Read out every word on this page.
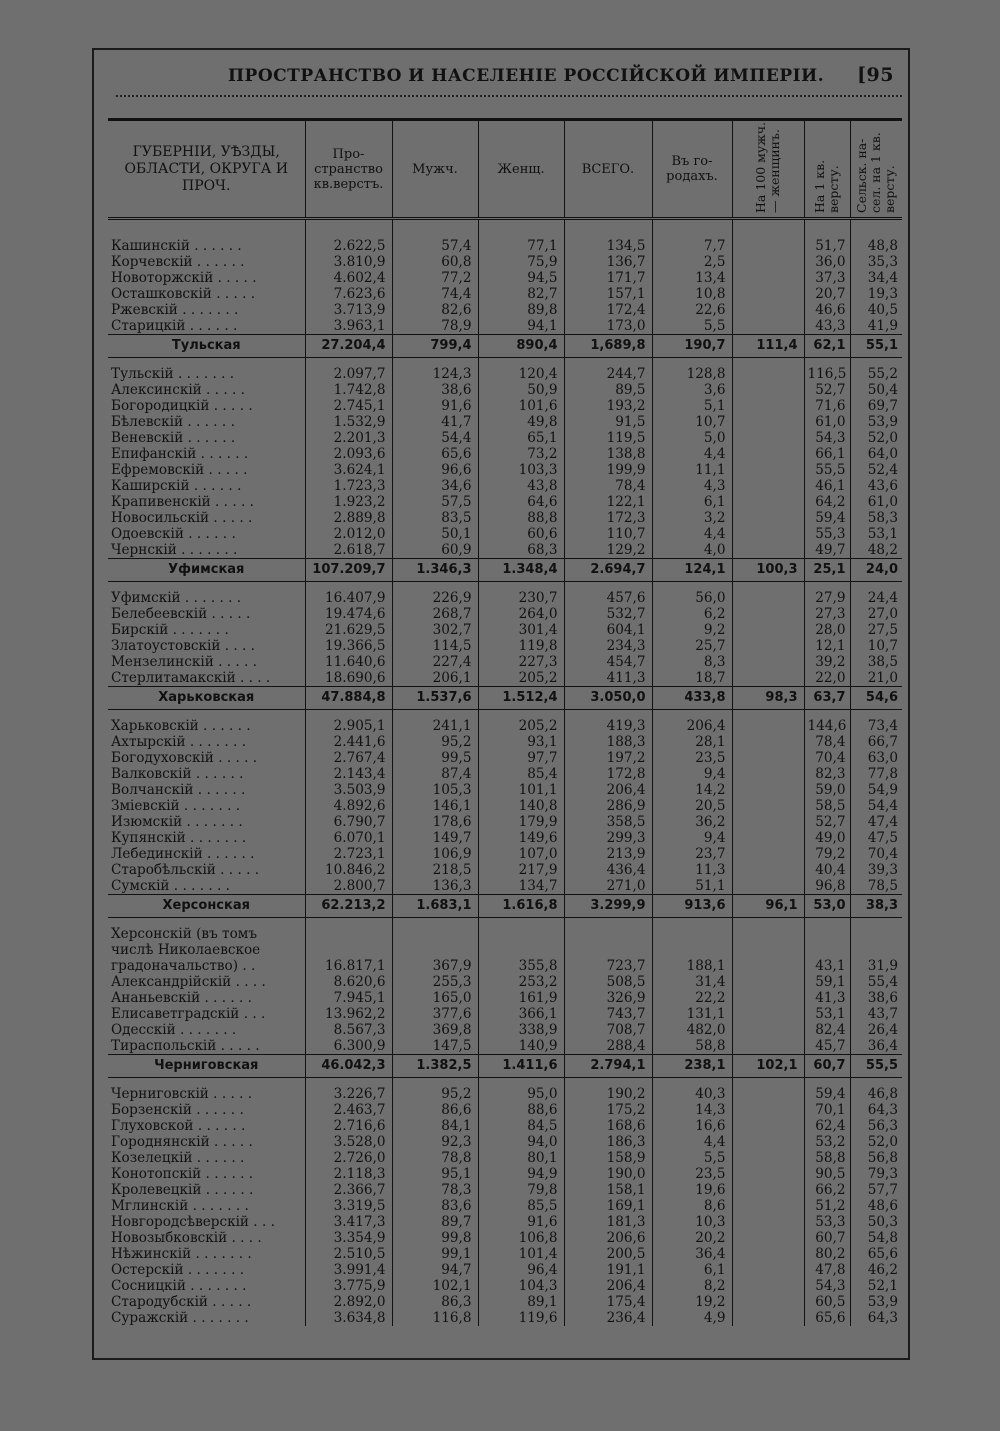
ПРОСТРАНСТВО И НАСЕЛЕНІЕ РОССІЙСКОЙ ИМПЕРІИ. [95
ГУБЕРНІИ, УѢЗДЫ, ОБЛАСТИ, ОКРУГА И ПРОЧ.	Про-странство кв.верстъ.	Мужч.	Женщ.	ВСЕГО.	Въ го-родахъ.	На 100 мужч.— женщинъ.	На 1 кв. версту.	Сельск. на-сел. на 1 кв. версту.

Кашинскій . . . . . .	2.622,5	57,4	77,1	134,5	7,7		51,7	48,8
Корчевскій . . . . . .	3.810,9	60,8	75,9	136,7	2,5		36,0	35,3
Новоторжскій . . . . .	4.602,4	77,2	94,5	171,7	13,4		37,3	34,4
Осташковскій . . . . .	7.623,6	74,4	82,7	157,1	10,8		20,7	19,3
Ржевскій . . . . . . .	3.713,9	82,6	89,8	172,4	22,6		46,6	40,5
Старицкій . . . . . .	3.963,1	78,9	94,1	173,0	5,5		43,3	41,9
Тульская	27.204,4	799,4	890,4	1,689,8	190,7	111,4	62,1	55,1

Тульскій . . . . . . .	2.097,7	124,3	120,4	244,7	128,8		116,5	55,2
Алексинскій . . . . .	1.742,8	38,6	50,9	89,5	3,6		52,7	50,4
Богородицкій . . . . .	2.745,1	91,6	101,6	193,2	5,1		71,6	69,7
Бѣлевскій . . . . . .	1.532,9	41,7	49,8	91,5	10,7		61,0	53,9
Веневскій . . . . . .	2.201,3	54,4	65,1	119,5	5,0		54,3	52,0
Епифанскій . . . . . .	2.093,6	65,6	73,2	138,8	4,4		66,1	64,0
Ефремовскій . . . . .	3.624,1	96,6	103,3	199,9	11,1		55,5	52,4
Каширскій . . . . . .	1.723,3	34,6	43,8	78,4	4,3		46,1	43,6
Крапивенскій . . . . .	1.923,2	57,5	64,6	122,1	6,1		64,2	61,0
Новосильскій . . . . .	2.889,8	83,5	88,8	172,3	3,2		59,4	58,3
Одоевскій . . . . . .	2.012,0	50,1	60,6	110,7	4,4		55,3	53,1
Чернскій . . . . . . .	2.618,7	60,9	68,3	129,2	4,0		49,7	48,2
Уфимская	107.209,7	1.346,3	1.348,4	2.694,7	124,1	100,3	25,1	24,0

Уфимскій . . . . . . .	16.407,9	226,9	230,7	457,6	56,0		27,9	24,4
Белебеевскій . . . . .	19.474,6	268,7	264,0	532,7	6,2		27,3	27,0
Бирскій . . . . . . .	21.629,5	302,7	301,4	604,1	9,2		28,0	27,5
Златоустовскій . . . .	19.366,5	114,5	119,8	234,3	25,7		12,1	10,7
Мензелинскій . . . . .	11.640,6	227,4	227,3	454,7	8,3		39,2	38,5
Стерлитамакскій . . . .	18.690,6	206,1	205,2	411,3	18,7		22,0	21,0
Харьковская	47.884,8	1.537,6	1.512,4	3.050,0	433,8	98,3	63,7	54,6

Харьковскій . . . . . .	2.905,1	241,1	205,2	419,3	206,4		144,6	73,4
Ахтырскій . . . . . . .	2.441,6	95,2	93,1	188,3	28,1		78,4	66,7
Богодуховскій . . . . .	2.767,4	99,5	97,7	197,2	23,5		70,4	63,0
Валковскій . . . . . .	2.143,4	87,4	85,4	172,8	9,4		82,3	77,8
Волчанскій . . . . . .	3.503,9	105,3	101,1	206,4	14,2		59,0	54,9
Зміевскій . . . . . . .	4.892,6	146,1	140,8	286,9	20,5		58,5	54,4
Изюмскій . . . . . . .	6.790,7	178,6	179,9	358,5	36,2		52,7	47,4
Купянскій . . . . . . .	6.070,1	149,7	149,6	299,3	9,4		49,0	47,5
Лебединскій . . . . . .	2.723,1	106,9	107,0	213,9	23,7		79,2	70,4
Старобѣльскій . . . . .	10.846,2	218,5	217,9	436,4	11,3		40,4	39,3
Сумскій . . . . . . .	2.800,7	136,3	134,7	271,0	51,1		96,8	78,5
Херсонская	62.213,2	1.683,1	1.616,8	3.299,9	913,6	96,1	53,0	38,3

Херсонскій (въ томъ								
числѣ Николаевское								
градоначальство) . .	16.817,1	367,9	355,8	723,7	188,1		43,1	31,9
Александрійскій . . . .	8.620,6	255,3	253,2	508,5	31,4		59,1	55,4
Ананьевскій . . . . . .	7.945,1	165,0	161,9	326,9	22,2		41,3	38,6
Елисаветградскій . . .	13.962,2	377,6	366,1	743,7	131,1		53,1	43,7
Одесскій . . . . . . .	8.567,3	369,8	338,9	708,7	482,0		82,4	26,4
Тираспольскій . . . . .	6.300,9	147,5	140,9	288,4	58,8		45,7	36,4
Черниговская	46.042,3	1.382,5	1.411,6	2.794,1	238,1	102,1	60,7	55,5

Черниговскій . . . . .	3.226,7	95,2	95,0	190,2	40,3		59,4	46,8
Борзенскій . . . . . .	2.463,7	86,6	88,6	175,2	14,3		70,1	64,3
Глуховской . . . . . .	2.716,6	84,1	84,5	168,6	16,6		62,4	56,3
Городнянскій . . . . .	3.528,0	92,3	94,0	186,3	4,4		53,2	52,0
Козелецкій . . . . . .	2.726,0	78,8	80,1	158,9	5,5		58,8	56,8
Конотопскій . . . . . .	2.118,3	95,1	94,9	190,0	23,5		90,5	79,3
Кролевецкій . . . . . .	2.366,7	78,3	79,8	158,1	19,6		66,2	57,7
Мглинскій . . . . . . .	3.319,5	83,6	85,5	169,1	8,6		51,2	48,6
Новгородсѣверскій . . .	3.417,3	89,7	91,6	181,3	10,3		53,3	50,3
Новозыбковскій . . . .	3.354,9	99,8	106,8	206,6	20,2		60,7	54,8
Нѣжинскій . . . . . . .	2.510,5	99,1	101,4	200,5	36,4		80,2	65,6
Остерскій . . . . . . .	3.991,4	94,7	96,4	191,1	6,1		47,8	46,2
Сосницкій . . . . . . .	3.775,9	102,1	104,3	206,4	8,2		54,3	52,1
Стародубскій . . . . .	2.892,0	86,3	89,1	175,4	19,2		60,5	53,9
Суражскій . . . . . . .	3.634,8	116,8	119,6	236,4	4,9		65,6	64,3
